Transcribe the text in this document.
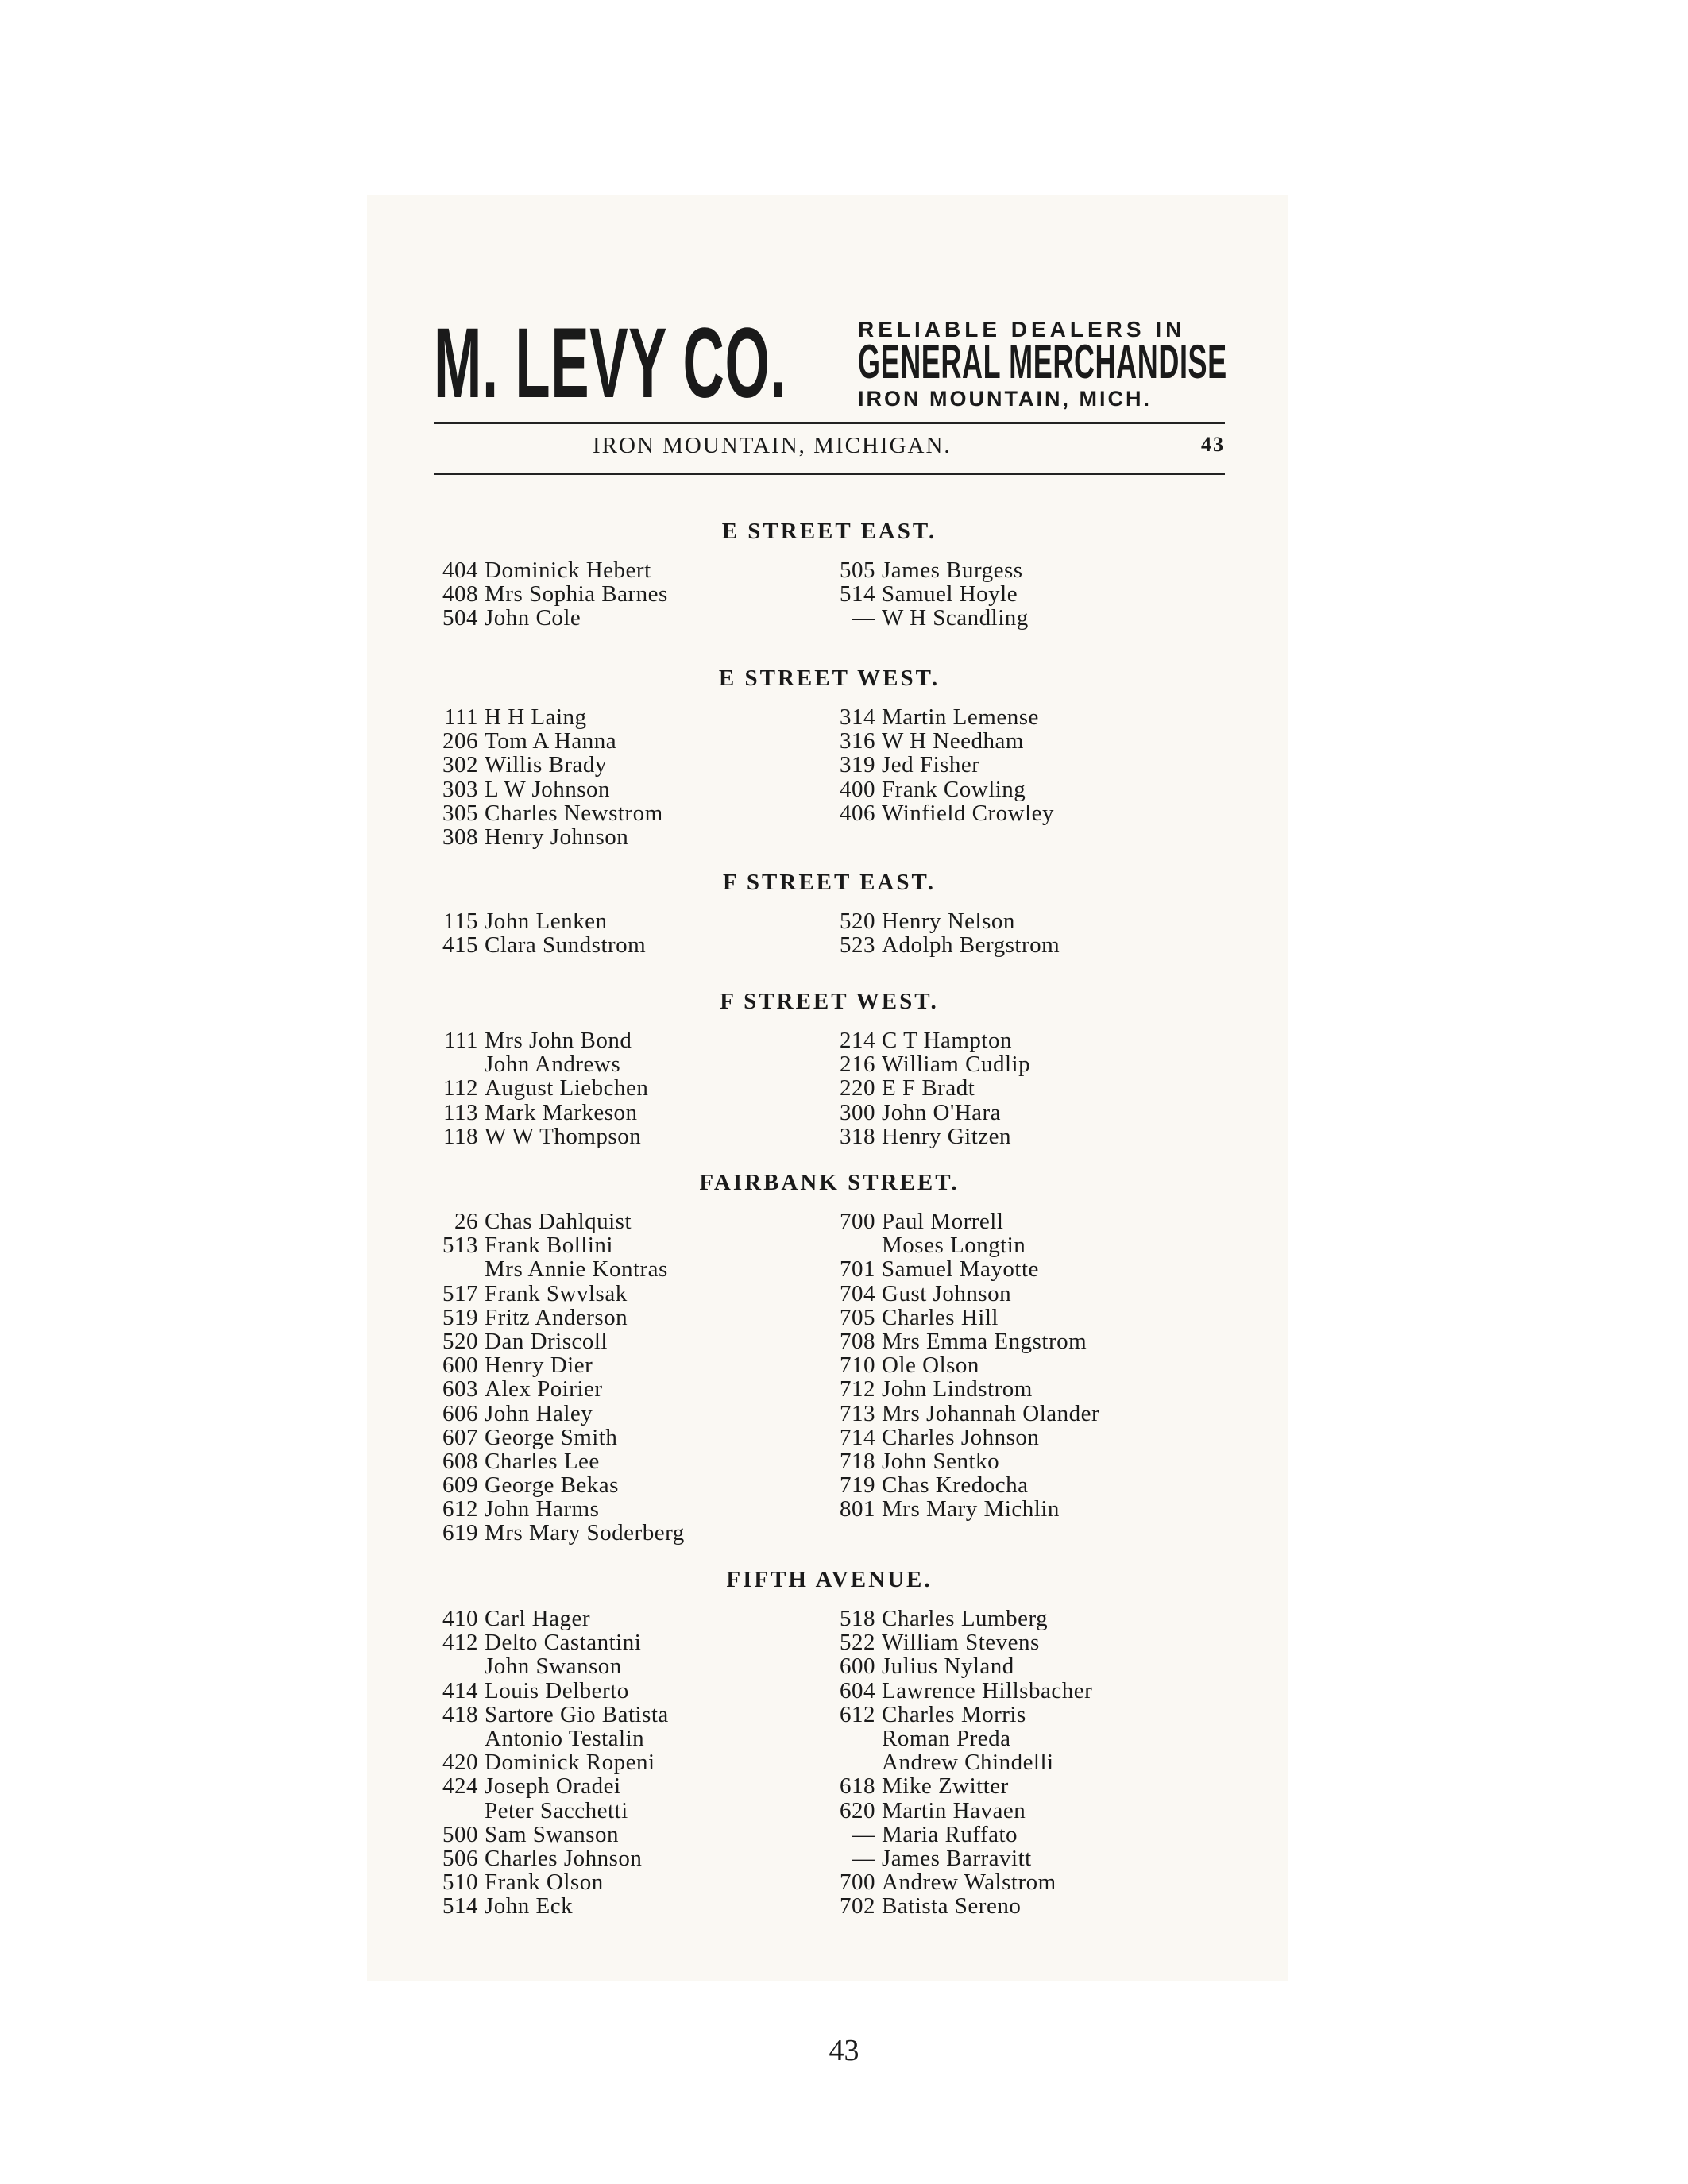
M. LEVY CO.	RELIABLE DEALERS IN
GENERAL MERCHANDISE
IRON MOUNTAIN, MICH.
IRON MOUNTAIN, MICHIGAN.	43
E STREET EAST.
404 Dominick Hebert
408 Mrs Sophia Barnes
504 John Cole
505 James Burgess
514 Samuel Hoyle
— W H Scandling
E STREET WEST.
111 H H Laing
206 Tom A Hanna
302 Willis Brady
303 L W Johnson
305 Charles Newstrom
308 Henry Johnson
314 Martin Lemense
316 W H Needham
319 Jed Fisher
400 Frank Cowling
406 Winfield Crowley
F STREET EAST.
115 John Lenken
415 Clara Sundstrom
520 Henry Nelson
523 Adolph Bergstrom
F STREET WEST.
111 Mrs John Bond
John Andrews
112 August Liebchen
113 Mark Markeson
118 W W Thompson
214 C T Hampton
216 William Cudlip
220 E F Bradt
300 John O'Hara
318 Henry Gitzen
FAIRBANK STREET.
26 Chas Dahlquist
513 Frank Bollini
Mrs Annie Kontras
517 Frank Swvlsak
519 Fritz Anderson
520 Dan Driscoll
600 Henry Dier
603 Alex Poirier
606 John Haley
607 George Smith
608 Charles Lee
609 George Bekas
612 John Harms
619 Mrs Mary Soderberg
700 Paul Morrell
Moses Longtin
701 Samuel Mayotte
704 Gust Johnson
705 Charles Hill
708 Mrs Emma Engstrom
710 Ole Olson
712 John Lindstrom
713 Mrs Johannah Olander
714 Charles Johnson
718 John Sentko
719 Chas Kredocha
801 Mrs Mary Michlin
FIFTH AVENUE.
410 Carl Hager
412 Delto Castantini
John Swanson
414 Louis Delberto
418 Sartore Gio Batista
Antonio Testalin
420 Dominick Ropeni
424 Joseph Oradei
Peter Sacchetti
500 Sam Swanson
506 Charles Johnson
510 Frank Olson
514 John Eck
518 Charles Lumberg
522 William Stevens
600 Julius Nyland
604 Lawrence Hillsbacher
612 Charles Morris
Roman Preda
Andrew Chindelli
618 Mike Zwitter
620 Martin Havaen
— Maria Ruffato
— James Barravitt
700 Andrew Walstrom
702 Batista Sereno
43
